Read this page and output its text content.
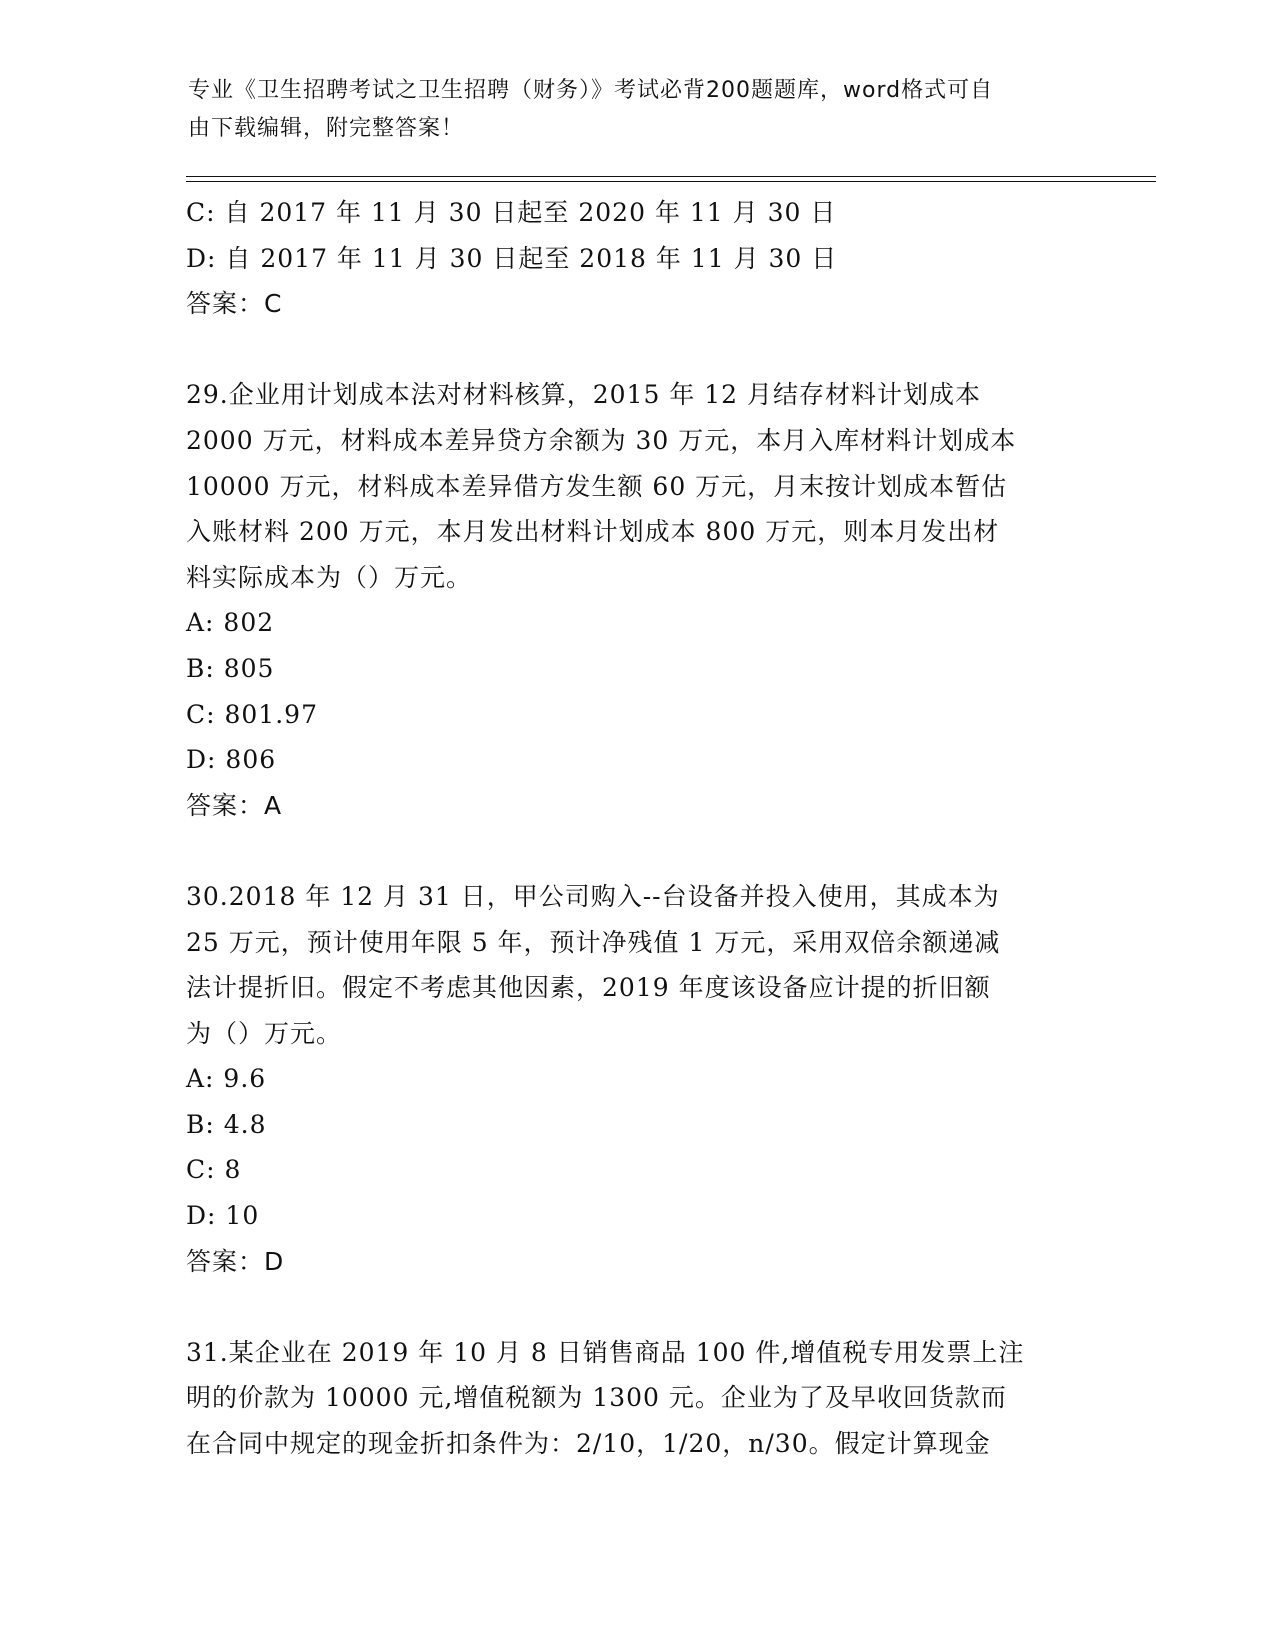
专业《卫生招聘考试之卫生招聘（财务）》考试必背200题题库，word格式可自
由下载编辑，附完整答案！
C: 自 2017 年 11 月 30 日起至 2020 年 11 月 30 日
D: 自 2017 年 11 月 30 日起至 2018 年 11 月 30 日
答案：C
29.企业用计划成本法对材料核算，2015 年 12 月结存材料计划成本
2000 万元，材料成本差异贷方余额为 30 万元，本月入库材料计划成本
10000 万元，材料成本差异借方发生额 60 万元，月末按计划成本暂估
入账材料 200 万元，本月发出材料计划成本 800 万元，则本月发出材
料实际成本为（）万元。
A: 802
B: 805
C: 801.97
D: 806
答案：A
30.2018 年 12 月 31 日，甲公司购入--台设备并投入使用，其成本为
25 万元，预计使用年限 5 年，预计净残值 1 万元，采用双倍余额递减
法计提折旧。假定不考虑其他因素，2019 年度该设备应计提的折旧额
为（）万元。
A: 9.6
B: 4.8
C: 8
D: 10
答案：D
31.某企业在 2019 年 10 月 8 日销售商品 100 件,增值税专用发票上注
明的价款为 10000 元,增值税额为 1300 元。企业为了及早收回货款而
在合同中规定的现金折扣条件为：2/10，1/20，n/30。假定计算现金
